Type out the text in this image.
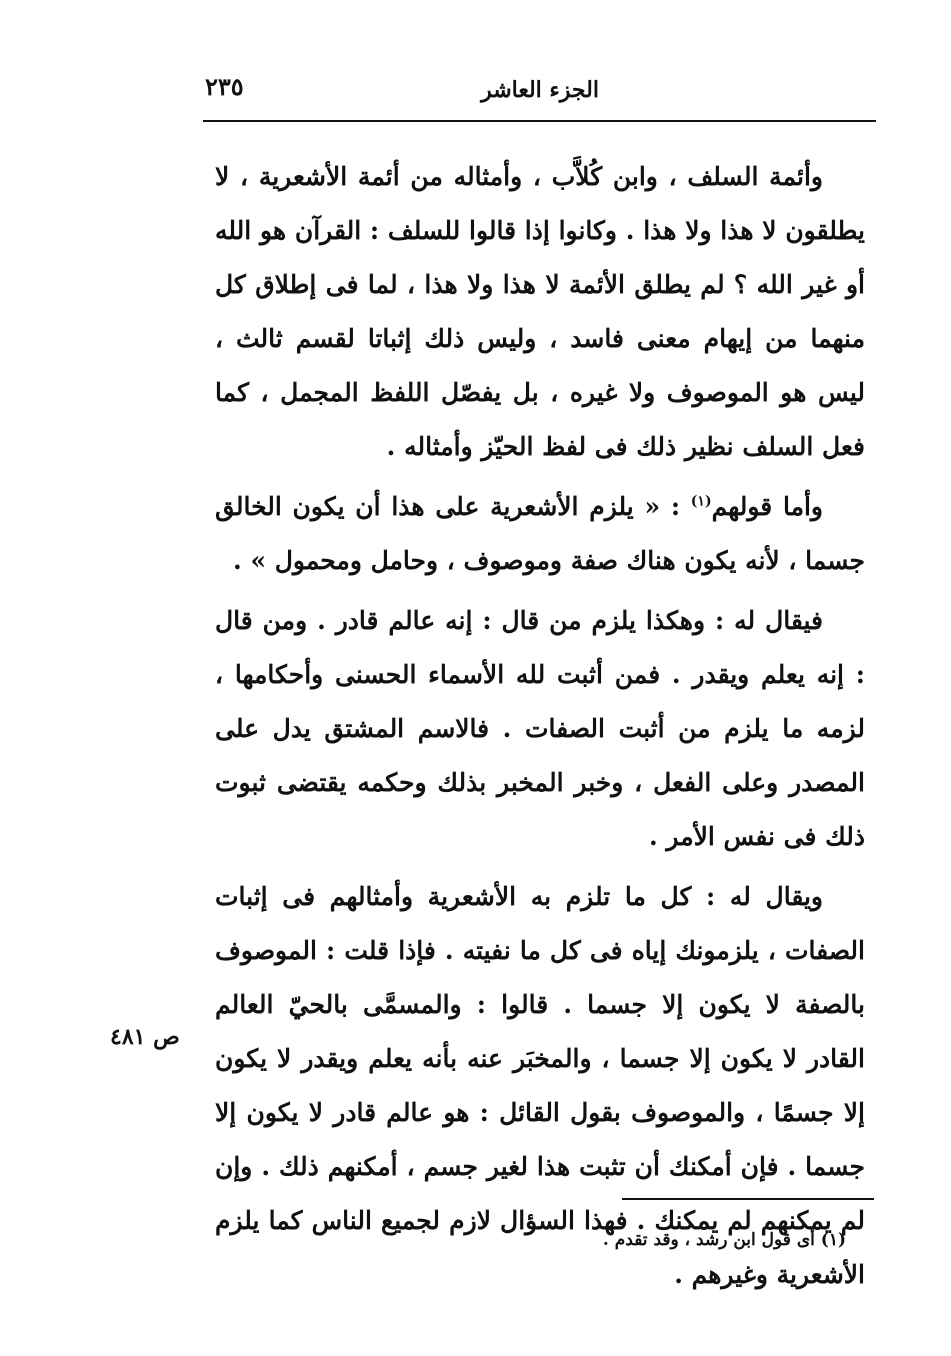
الجزء العاشر
٢٣٥

وأئمة السلف ، وابن كُلاَّب ، وأمثاله من أئمة الأشعرية ، لا يطلقون لا هذا ولا هذا . وكانوا إذا قالوا للسلف : القرآن هو الله أو غير الله ؟ لم يطلق الأئمة لا هذا ولا هذا ، لما فى إطلاق كل منهما من إيهام معنى فاسد ، وليس ذلك إثباتا لقسم ثالث ، ليس هو الموصوف ولا غيره ، بل يفصّل اللفظ المجمل ، كما فعل السلف نظير ذلك فى لفظ الحيّز وأمثاله .

وأما قولهم$^{(١)}$ : « يلزم الأشعرية على هذا أن يكون الخالق جسما ، لأنه يكون هناك صفة وموصوف ، وحامل ومحمول » .

فيقال له : وهكذا يلزم من قال : إنه عالم قادر . ومن قال : إنه يعلم ويقدر . فمن أثبت لله الأسماء الحسنى وأحكامها ، لزمه ما يلزم من أثبت الصفات . فالاسم المشتق يدل على المصدر وعلى الفعل ، وخبر المخبر بذلك وحكمه يقتضى ثبوت ذلك فى نفس الأمر .

ويقال له : كل ما تلزم به الأشعرية وأمثالهم فى إثبات الصفات ، يلزمونك إياه فى كل ما نفيته . فإذا قلت : الموصوف بالصفة لا يكون إلا جسما . قالوا : والمسمَّى بالحيّ العالم القادر لا يكون إلا جسما ، والمخبَر عنه بأنه يعلم ويقدر لا يكون إلا جسمًا ، والموصوف بقول القائل : هو عالم قادر لا يكون إلا جسما . فإن أمكنك أن تثبت هذا لغير جسم ، أمكنهم ذلك . وإن لم يمكنهم لم يمكنك . فهذا السؤال لازم لجميع الناس كما يلزم الأشعرية وغيرهم .

ص ٤٨١
(١) أى قول ابن رشد ، وقد تقدم .
